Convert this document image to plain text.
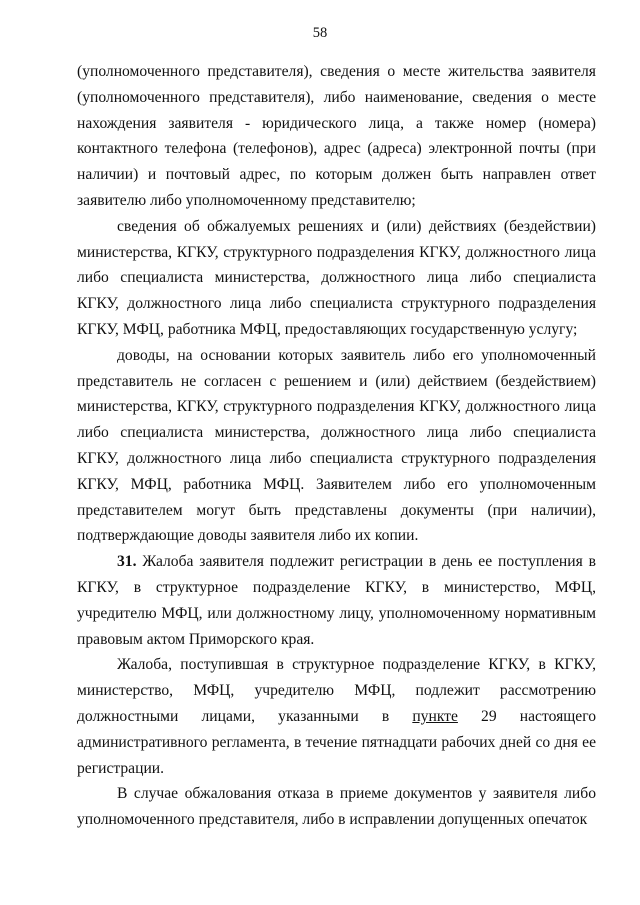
58

(уполномоченного представителя), сведения о месте жительства заявителя (уполномоченного представителя), либо наименование, сведения о месте нахождения заявителя - юридического лица, а также номер (номера) контактного телефона (телефонов), адрес (адреса) электронной почты (при наличии) и почтовый адрес, по которым должен быть направлен ответ заявителю либо уполномоченному представителю;

сведения об обжалуемых решениях и (или) действиях (бездействии) министерства, КГКУ, структурного подразделения КГКУ, должностного лица либо специалиста министерства, должностного лица либо специалиста КГКУ, должностного лица либо специалиста структурного подразделения КГКУ, МФЦ, работника МФЦ, предоставляющих государственную услугу;

доводы, на основании которых заявитель либо его уполномоченный представитель не согласен с решением и (или) действием (бездействием) министерства, КГКУ, структурного подразделения КГКУ, должностного лица либо специалиста министерства, должностного лица либо специалиста КГКУ, должностного лица либо специалиста структурного подразделения КГКУ, МФЦ, работника МФЦ. Заявителем либо его уполномоченным представителем могут быть представлены документы (при наличии), подтверждающие доводы заявителя либо их копии.

31. Жалоба заявителя подлежит регистрации в день ее поступления в КГКУ, в структурное подразделение КГКУ, в министерство, МФЦ, учредителю МФЦ, или должностному лицу, уполномоченному нормативным правовым актом Приморского края.

Жалоба, поступившая в структурное подразделение КГКУ, в КГКУ, министерство, МФЦ, учредителю МФЦ, подлежит рассмотрению должностными лицами, указанными в пункте 29 настоящего административного регламента, в течение пятнадцати рабочих дней со дня ее регистрации.

В случае обжалования отказа в приеме документов у заявителя либо уполномоченного представителя, либо в исправлении допущенных опечаток
